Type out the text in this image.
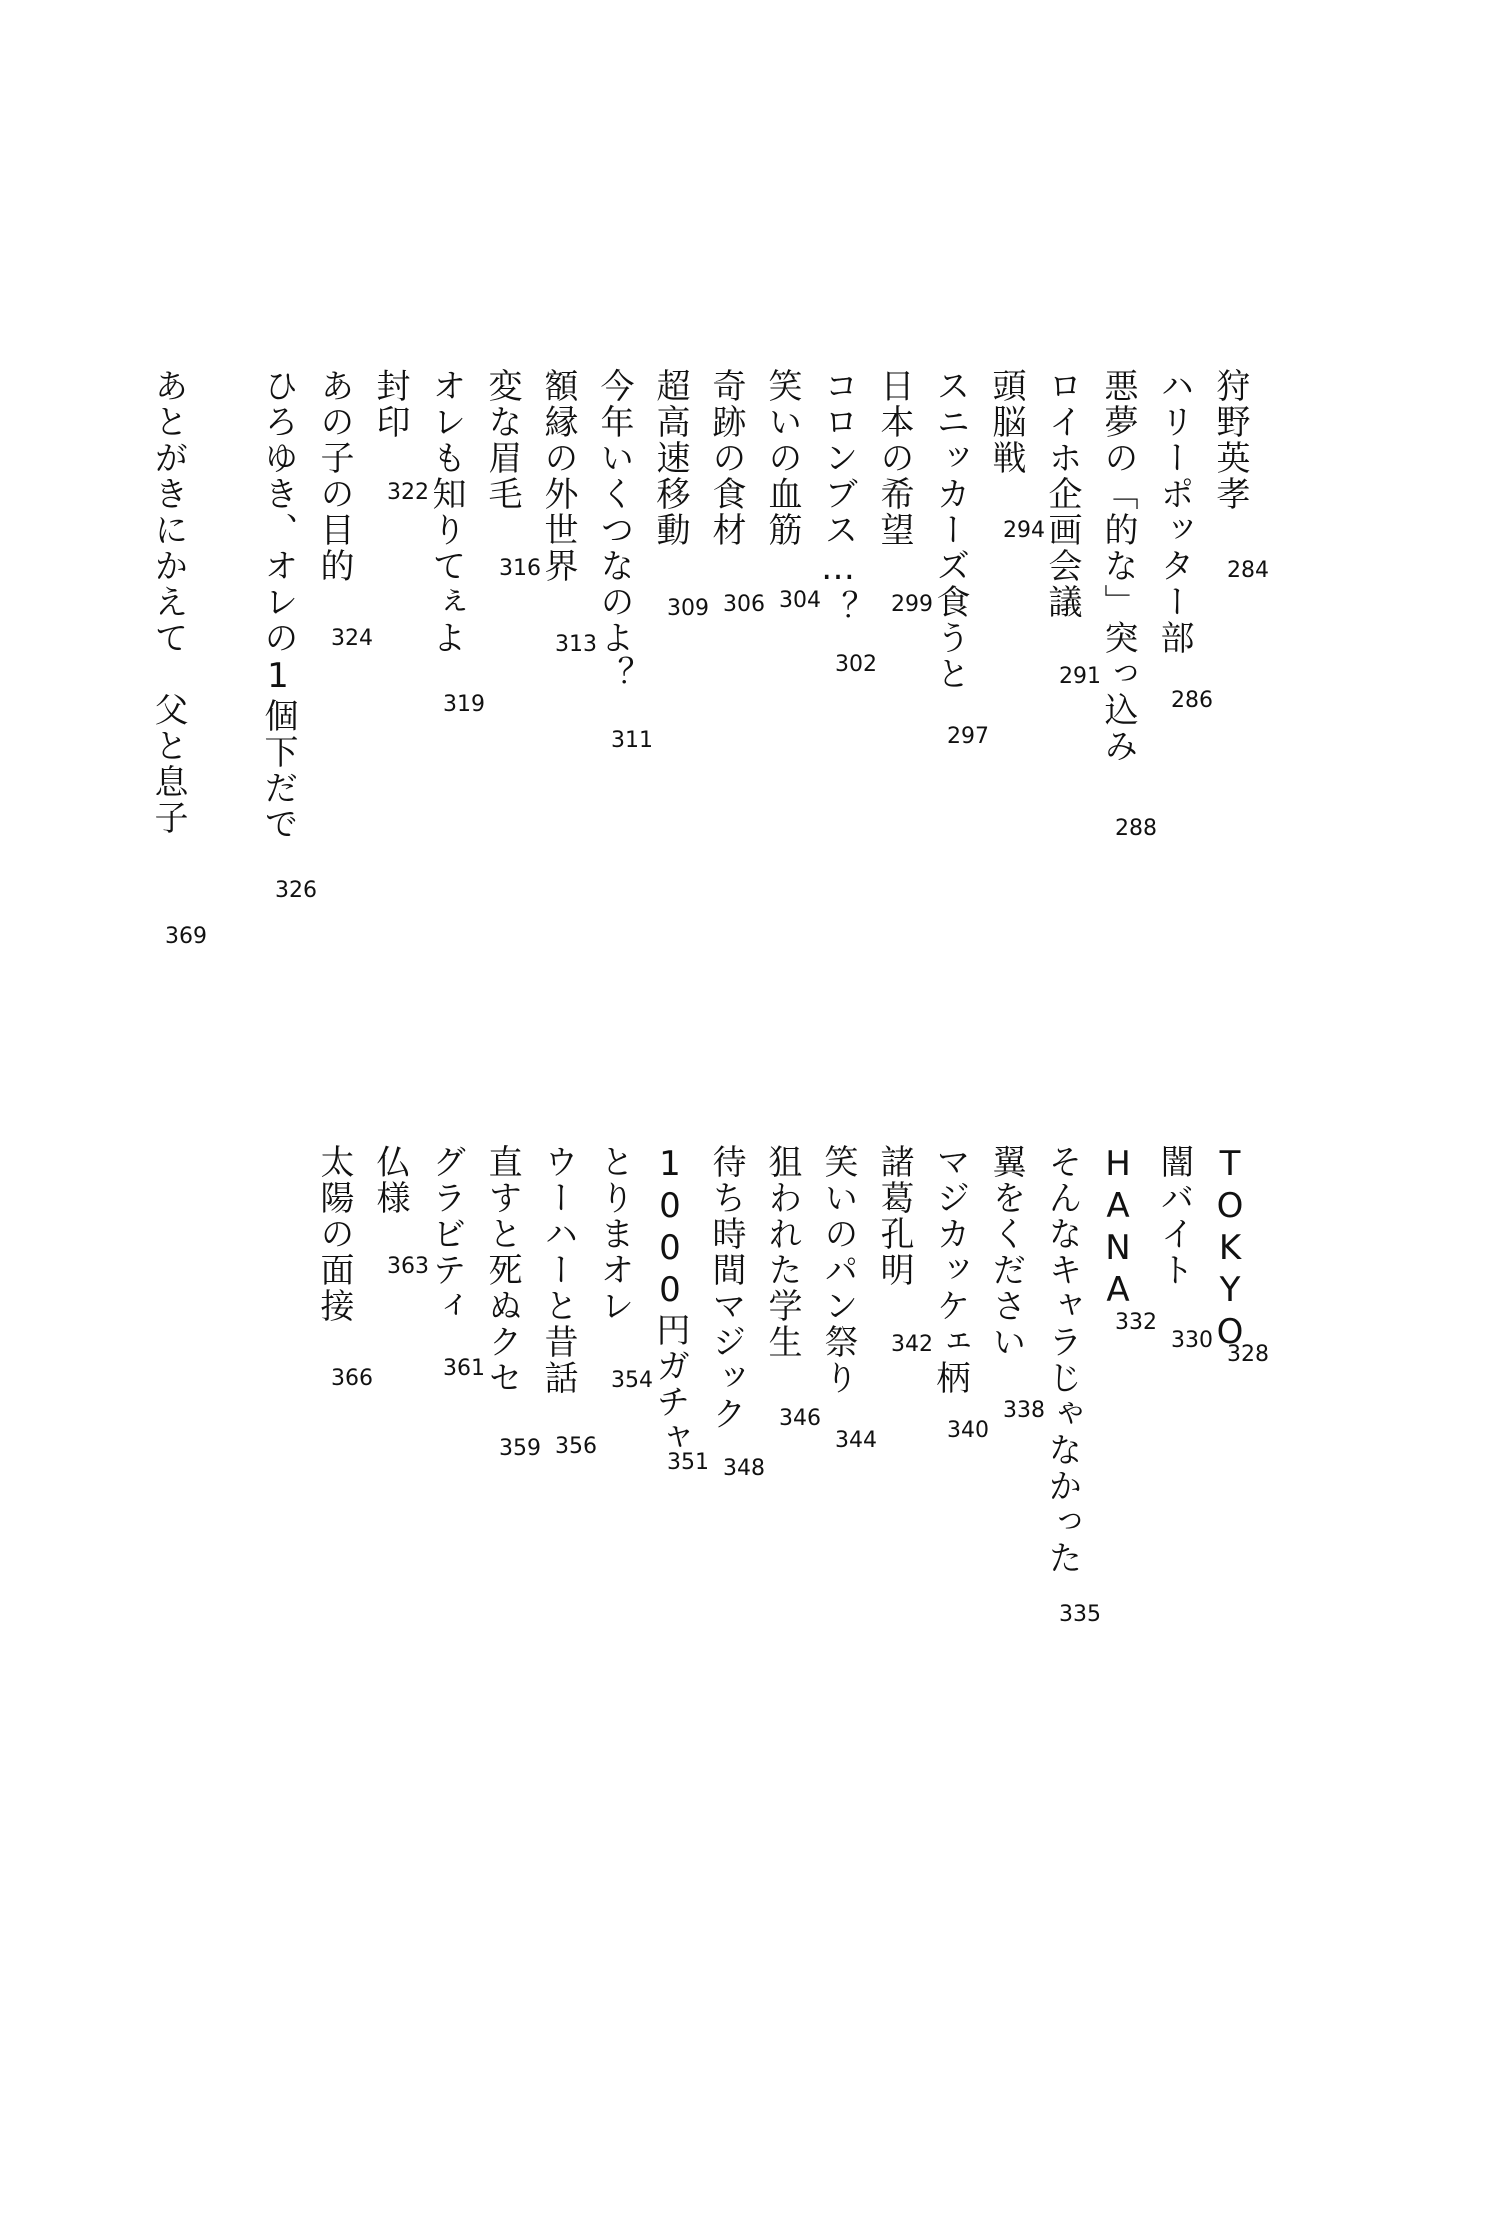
狩野英孝
284
ハリーポッター部
286
悪夢の「的な」突っ込み
288
ロイホ企画会議
291
頭脳戦
294
スニッカーズ食うと
297
日本の希望
299
コロンブス…？
302
笑いの血筋
304
奇跡の食材
306
超高速移動
309
今年いくつなのよ？
311
額縁の外世界
313
変な眉毛
316
オレも知りてぇよ
319
封印
322
あの子の目的
324
ひろゆき、オレの1個下だで
326
あとがきにかえて　父と息子
369
TOKYO
328
闇バイト
330
HANA
332
そんなキャラじゃなかった
335
翼をください
338
マジカッケェ柄
340
諸葛孔明
342
笑いのパン祭り
344
狙われた学生
346
待ち時間マジック
348
1000円ガチャ
351
とりまオレ
354
ウーハーと昔話
356
直すと死ぬクセ
359
グラビティ
361
仏様
363
太陽の面接
366
